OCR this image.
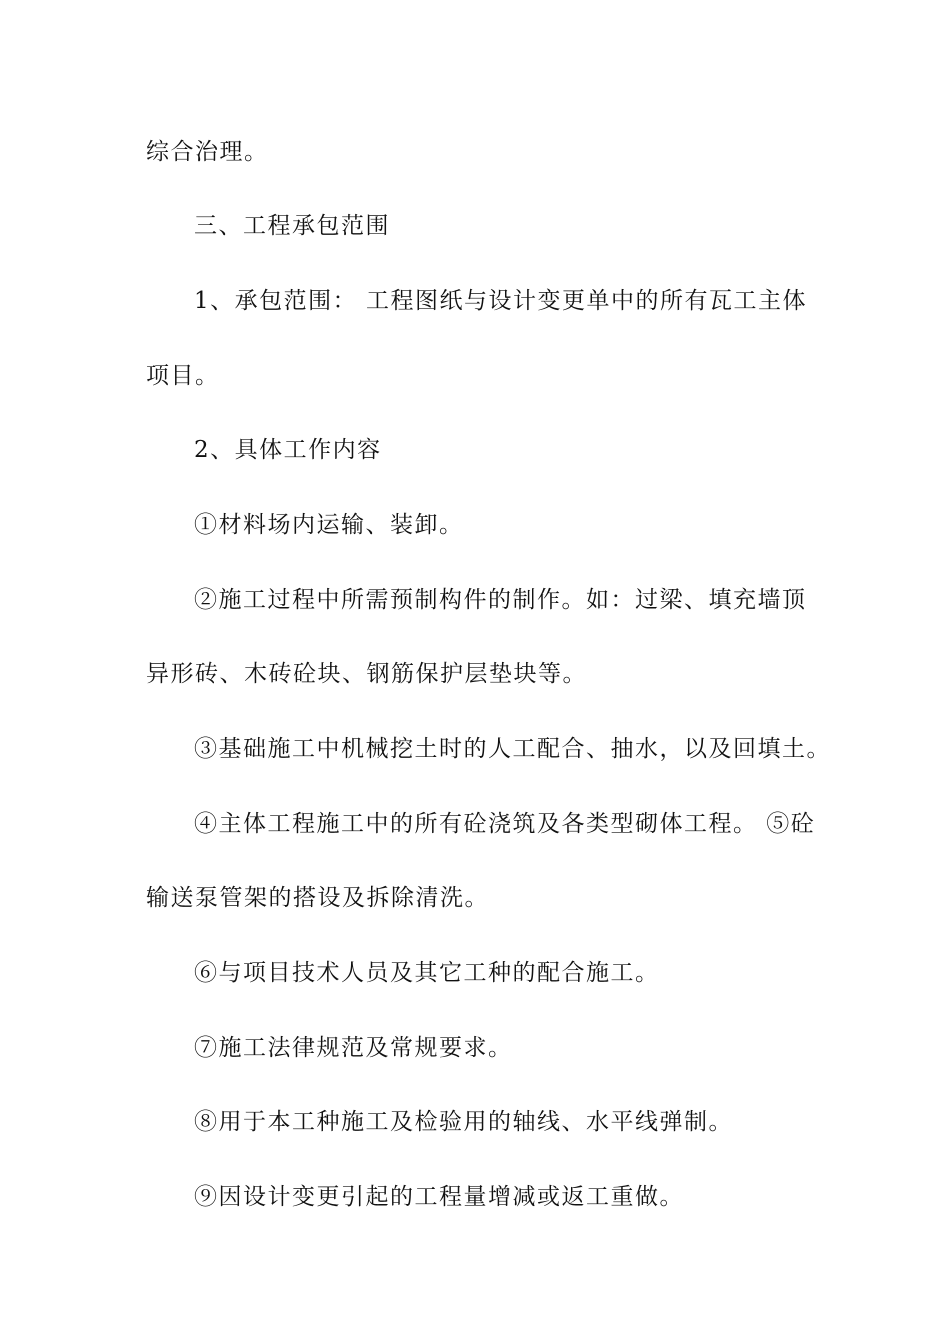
综合治理。
三、工程承包范围
1、承包范围： 工程图纸与设计变更单中的所有瓦工主体
项目。
2、具体工作内容
①材料场内运输、装卸。
②施工过程中所需预制构件的制作。如：过梁、填充墙顶
异形砖、木砖砼块、钢筋保护层垫块等。
③基础施工中机械挖土时的人工配合、抽水，以及回填土。
④主体工程施工中的所有砼浇筑及各类型砌体工程。 ⑤砼
输送泵管架的搭设及拆除清洗。
⑥与项目技术人员及其它工种的配合施工。
⑦施工法律规范及常规要求。
⑧用于本工种施工及检验用的轴线、水平线弹制。
⑨因设计变更引起的工程量增减或返工重做。
